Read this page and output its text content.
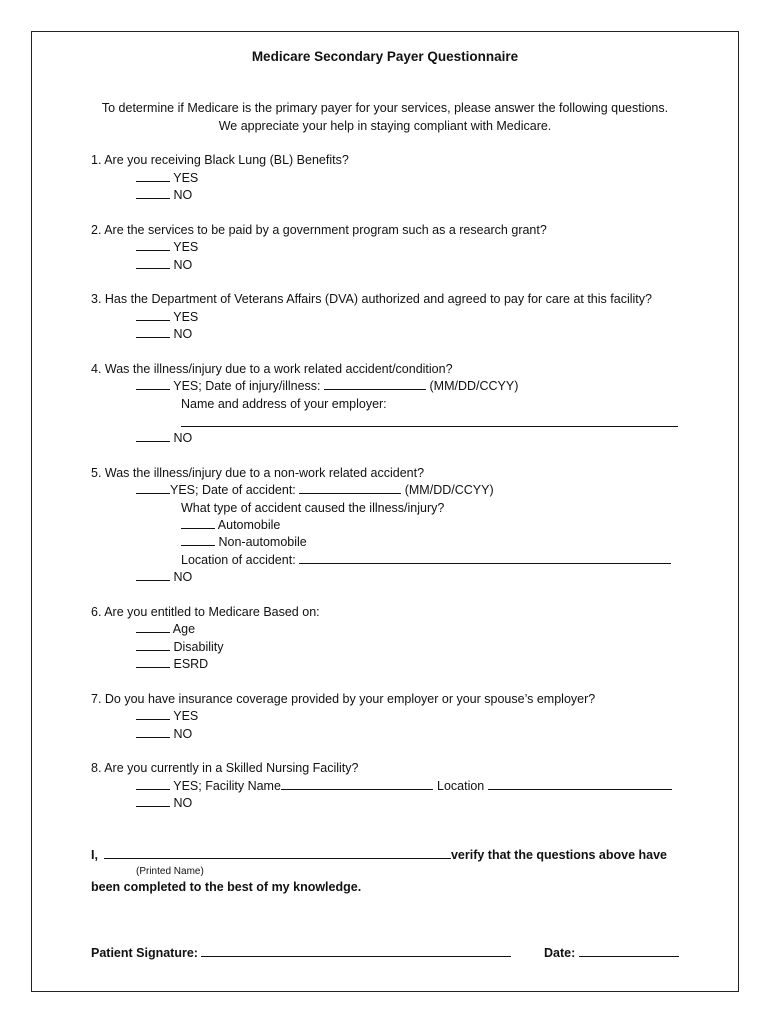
Medicare Secondary Payer Questionnaire
To determine if Medicare is the primary payer for your services, please answer the following questions.
We appreciate your help in staying compliant with Medicare.
1. Are you receiving Black Lung (BL) Benefits?
YES
NO
2. Are the services to be paid by a government program such as a research grant?
YES
NO
3. Has the Department of Veterans Affairs (DVA) authorized and agreed to pay for care at this facility?
YES
NO
4. Was the illness/injury due to a work related accident/condition?
YES; Date of injury/illness:	(MM/DD/CCYY)
Name and address of your employer:
NO
5. Was the illness/injury due to a non-work related accident?
YES; Date of accident:	(MM/DD/CCYY)
What type of accident caused the illness/injury?
Automobile
Non-automobile
Location of accident:
NO
6. Are you entitled to Medicare Based on:
Age
Disability
ESRD
7. Do you have insurance coverage provided by your employer or your spouse’s employer?
YES
NO
8. Are you currently in a Skilled Nursing Facility?
YES; Facility Name	Location
NO
I,	verify that the questions above have
(Printed Name)
been completed to the best of my knowledge.
Patient Signature:	Date:
